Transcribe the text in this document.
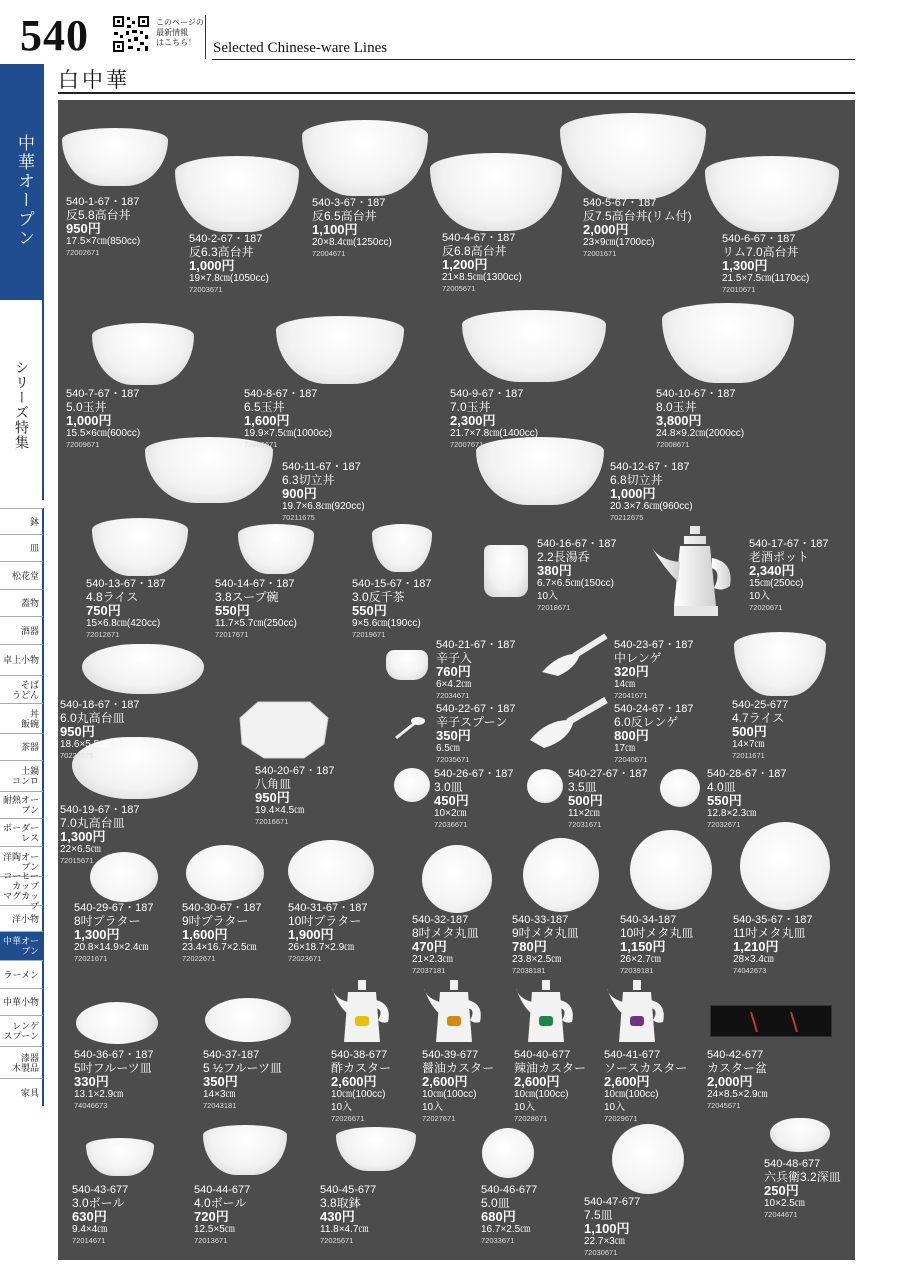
540	このページの
最新情報
はこちら！	Selected Chinese-ware Lines
白中華
中華オープン
シリーズ特集
鉢
皿
松花堂
蓋物
酒器
卓上小物
そば
うどん
丼
飯碗
茶器
土鍋
コンロ
耐熱オーブン
ボーダーレス
洋陶オーブン
コーヒーカップ
マグカップ
洋小物
中華オーブン
ラーメン
中華小物
レンゲ
スプーン
漆器
木製品
家具
540-1-67・187
反5.8高台丼
950円
17.5×7㎝(850cc)
72002671
540-2-67・187
反6.3高台丼
1,000円
19×7.8㎝(1050cc)
72003671
540-3-67・187
反6.5高台丼
1,100円
20×8.4㎝(1250cc)
72004671
540-4-67・187
反6.8高台丼
1,200円
21×8.5㎝(1300cc)
72005671
540-5-67・187
反7.5高台丼(リム付)
2,000円
23×9㎝(1700cc)
72001671
540-6-67・187
リム7.0高台丼
1,300円
21.5×7.5㎝(1170cc)
72010671
540-7-67・187
5.0玉丼
1,000円
15.5×6㎝(600cc)
72009671
540-8-67・187
6.5玉丼
1,600円
19.9×7.5㎝(1000cc)
72006671
540-9-67・187
7.0玉丼
2,300円
21.7×7.8㎝(1400cc)
72007671
540-10-67・187
8.0玉丼
3,800円
24.8×9.2㎝(2000cc)
72008671
540-11-67・187
6.3切立丼
900円
19.7×6.8㎝(920cc)
70211675
540-12-67・187
6.8切立丼
1,000円
20.3×7.6㎝(960cc)
70212675
540-13-67・187
4.8ライス
750円
15×6.8㎝(420cc)
72012671
540-14-67・187
3.8スープ碗
550円
11.7×5.7㎝(250cc)
72017671
540-15-67・187
3.0反千茶
550円
9×5.6㎝(190cc)
72019671
540-16-67・187
2.2長湯呑
380円
6.7×6.5㎝(150cc)
10入
72018671
540-17-67・187
老酒ポット
2,340円
15㎝(250cc)
10入
72020671
540-18-67・187
6.0丸高台皿
950円
18.6×5.5㎝
70224675
540-19-67・187
7.0丸高台皿
1,300円
22×6.5㎝
72015671
540-20-67・187
八角皿
950円
19.4×4.5㎝
72016671
540-21-67・187
辛子入
760円
6×4.2㎝
72034671
540-22-67・187
辛子スプーン
350円
6.5㎝
72035671
540-23-67・187
中レンゲ
320円
14㎝
72041671
540-24-67・187
6.0反レンゲ
800円
17㎝
72040671
540-25-677
4.7ライス
500円
14×7㎝
72011671
540-26-67・187
3.0皿
450円
10×2㎝
72036671
540-27-67・187
3.5皿
500円
11×2㎝
72031671
540-28-67・187
4.0皿
550円
12.8×2.3㎝
72032671
540-29-67・187
8吋プラター
1,300円
20.8×14.9×2.4㎝
72021671
540-30-67・187
9吋プラター
1,600円
23.4×16.7×2.5㎝
72022671
540-31-67・187
10吋プラター
1,900円
26×18.7×2.9㎝
72023671
540-32-187
8吋メタ丸皿
470円
21×2.3㎝
72037181
540-33-187
9吋メタ丸皿
780円
23.8×2.5㎝
72038181
540-34-187
10吋メタ丸皿
1,150円
26×2.7㎝
72039181
540-35-67・187
11吋メタ丸皿
1,210円
28×3.4㎝
74042673
540-36-67・187
5吋フルーツ皿
330円
13.1×2.9㎝
74046673
540-37-187
5 ½フルーツ皿
350円
14×3㎝
72043181
540-38-677
酢カスター
2,600円
10㎝(100cc)
10入
72026671
540-39-677
醤油カスター
2,600円
10㎝(100cc)
10入
72027671
540-40-677
辣油カスター
2,600円
10㎝(100cc)
10入
72028671
540-41-677
ソースカスター
2,600円
10㎝(100cc)
10入
72029671
540-42-677
カスター盆
2,000円
24×8.5×2.9㎝
72045671
540-43-677
3.0ボール
630円
9.4×4㎝
72014671
540-44-677
4.0ボール
720円
12.5×5㎝
72013671
540-45-677
3.8取鉢
430円
11.8×4.7㎝
72025671
540-46-677
5.0皿
680円
16.7×2.5㎝
72033671
540-47-677
7.5皿
1,100円
22.7×3㎝
72030671
540-48-677
六兵衛3.2深皿
250円
10×2.5㎝
72044671
